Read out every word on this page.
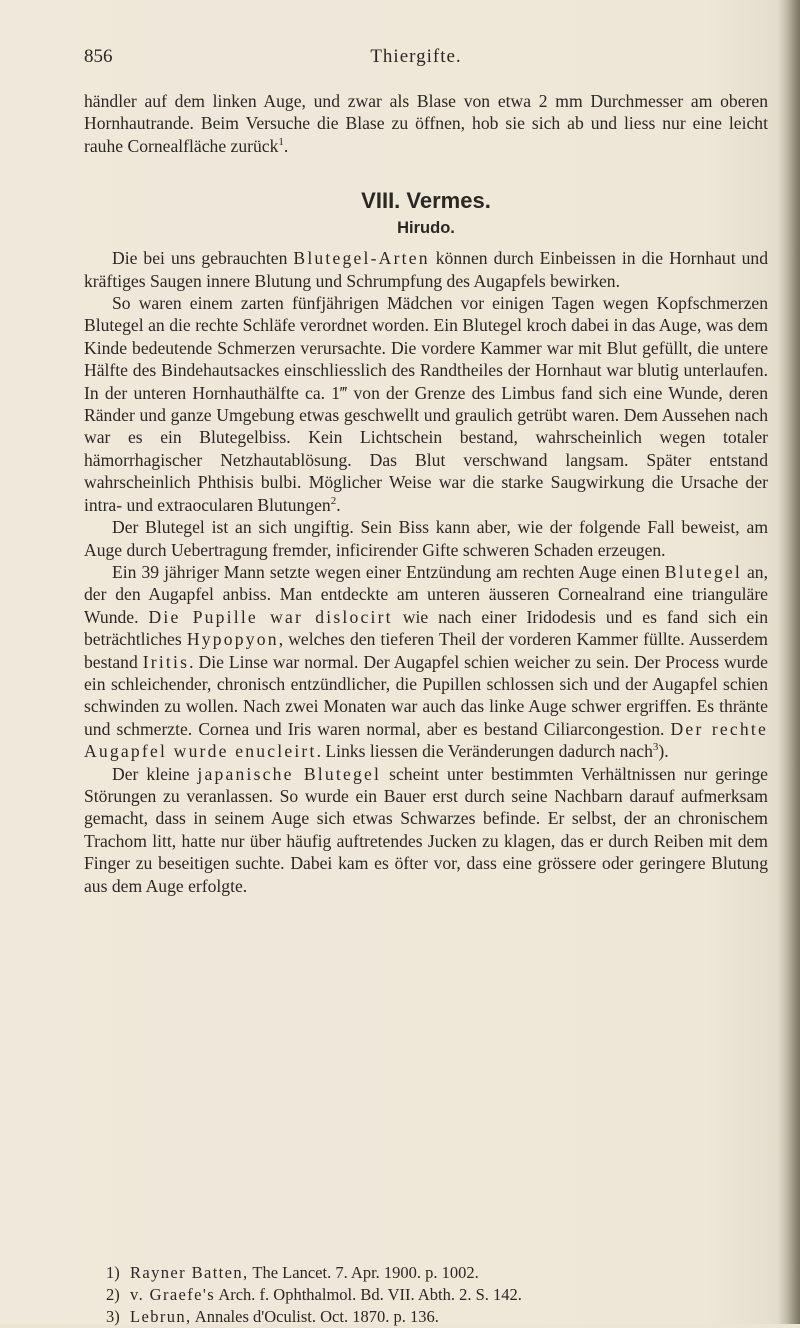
856	Thiergifte.

händler auf dem linken Auge, und zwar als Blase von etwa 2 mm Durchmesser am oberen Hornhautrande. Beim Versuche die Blase zu öffnen, hob sie sich ab und liess nur eine leicht rauhe Cornealfläche zurück$^1$.

VIII. Vermes.
Hirudo.

Die bei uns gebrauchten Blutegel-Arten können durch Einbeissen in die Hornhaut und kräftiges Saugen innere Blutung und Schrumpfung des Augapfels bewirken.

So waren einem zarten fünfjährigen Mädchen vor einigen Tagen wegen Kopfschmerzen Blutegel an die rechte Schläfe verordnet worden. Ein Blutegel kroch dabei in das Auge, was dem Kinde bedeutende Schmerzen verursachte. Die vordere Kammer war mit Blut gefüllt, die untere Hälfte des Bindehautsackes einschliesslich des Randtheiles der Hornhaut war blutig unterlaufen. In der unteren Hornhauthälfte ca. 1‴ von der Grenze des Limbus fand sich eine Wunde, deren Ränder und ganze Umgebung etwas geschwellt und graulich getrübt waren. Dem Aussehen nach war es ein Blutegelbiss. Kein Lichtschein bestand, wahrscheinlich wegen totaler hämorrhagischer Netzhautablösung. Das Blut verschwand langsam. Später entstand wahrscheinlich Phthisis bulbi. Möglicher Weise war die starke Saugwirkung die Ursache der intra- und extraocularen Blutungen$^2$.

Der Blutegel ist an sich ungiftig. Sein Biss kann aber, wie der folgende Fall beweist, am Auge durch Uebertragung fremder, inficirender Gifte schweren Schaden erzeugen.

Ein 39 jähriger Mann setzte wegen einer Entzündung am rechten Auge einen Blutegel an, der den Augapfel anbiss. Man entdeckte am unteren äusseren Cornealrand eine trianguläre Wunde. Die Pupille war dislocirt wie nach einer Iridodesis und es fand sich ein beträchtliches Hypopyon, welches den tieferen Theil der vorderen Kammer füllte. Ausserdem bestand Iritis. Die Linse war normal. Der Augapfel schien weicher zu sein. Der Process wurde ein schleichender, chronisch entzündlicher, die Pupillen schlossen sich und der Augapfel schien schwinden zu wollen. Nach zwei Monaten war auch das linke Auge schwer ergriffen. Es thränte und schmerzte. Cornea und Iris waren normal, aber es bestand Ciliarcongestion. Der rechte Augapfel wurde enucleirt. Links liessen die Veränderungen dadurch nach$^3$).

Der kleine japanische Blutegel scheint unter bestimmten Verhältnissen nur geringe Störungen zu veranlassen. So wurde ein Bauer erst durch seine Nachbarn darauf aufmerksam gemacht, dass in seinem Auge sich etwas Schwarzes befinde. Er selbst, der an chronischem Trachom litt, hatte nur über häufig auftretendes Jucken zu klagen, das er durch Reiben mit dem Finger zu beseitigen suchte. Dabei kam es öfter vor, dass eine grössere oder geringere Blutung aus dem Auge erfolgte.

1) Rayner Batten, The Lancet. 7. Apr. 1900. p. 1002.
2) v. Graefe's Arch. f. Ophthalmol. Bd. VII. Abth. 2. S. 142.
3) Lebrun, Annales d'Oculist. Oct. 1870. p. 136.
